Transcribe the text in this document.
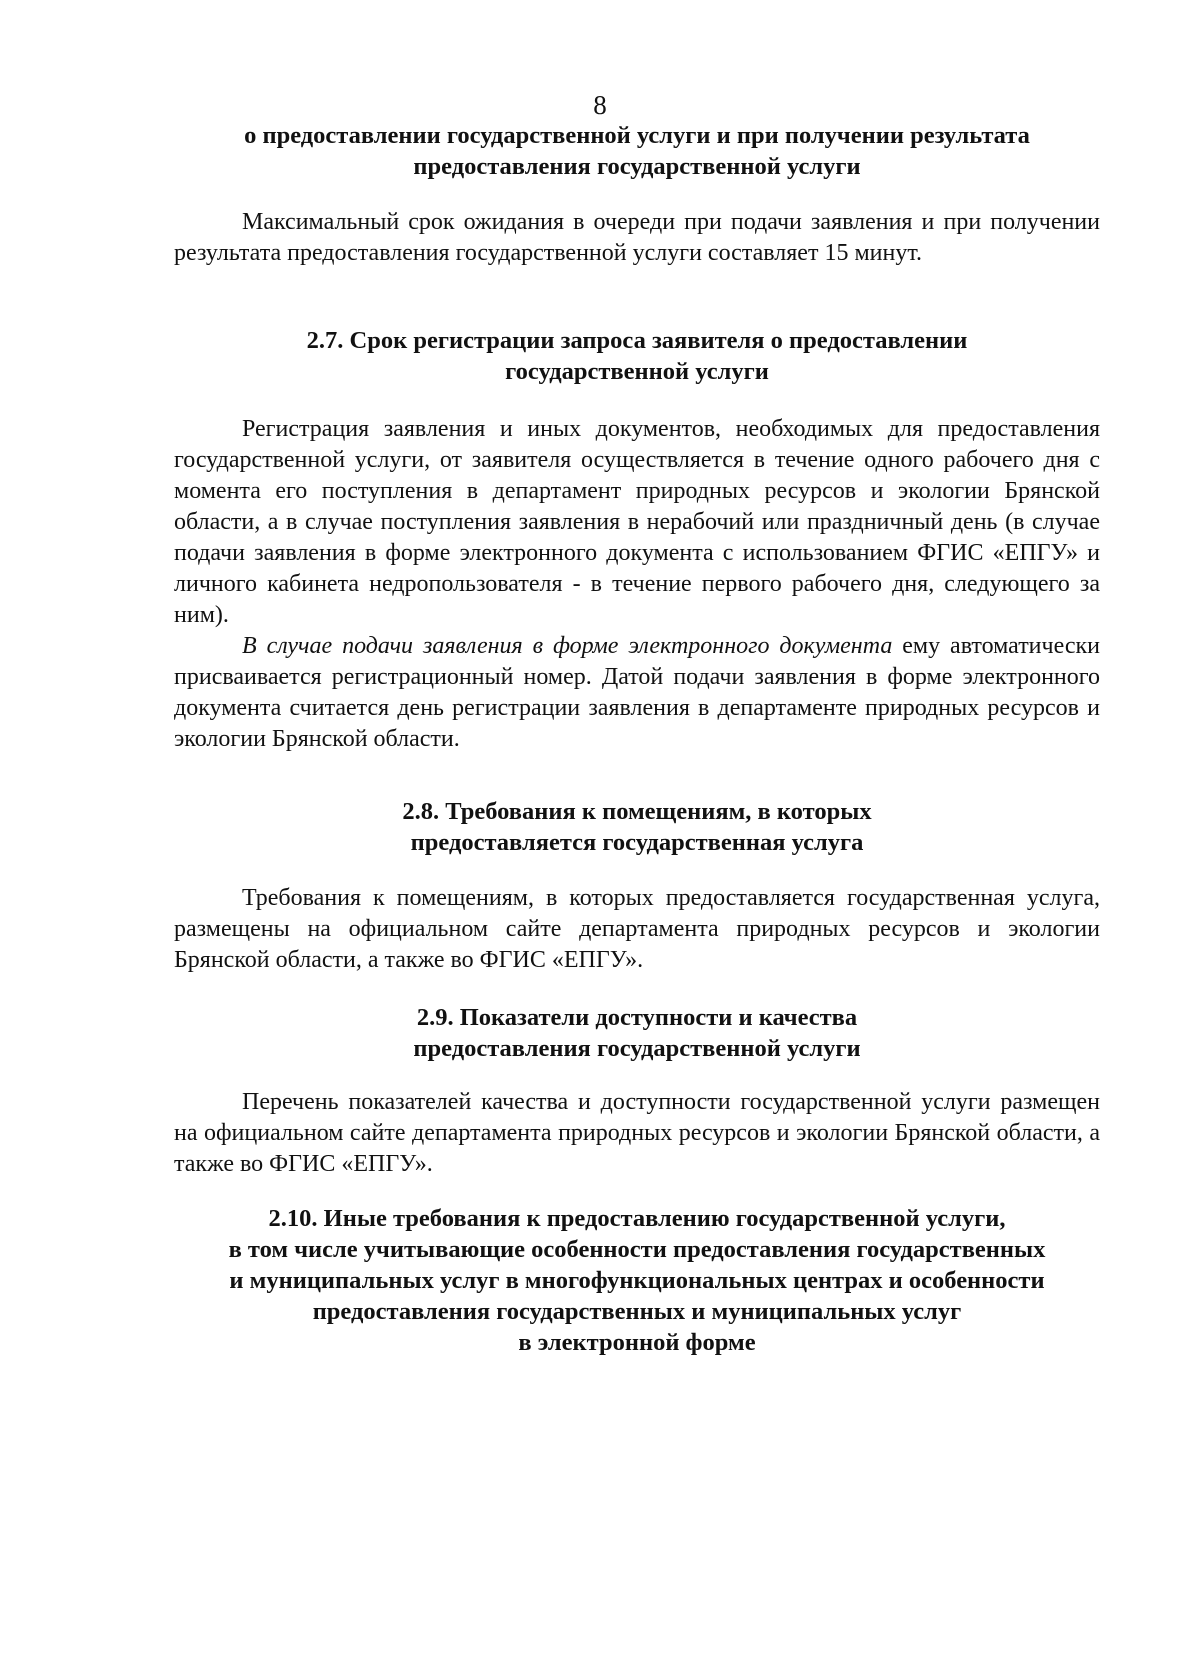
8
о предоставлении государственной услуги и при получении результата
предоставления государственной услуги

Максимальный срок ожидания в очереди при подачи заявления и при получении результата предоставления государственной услуги составляет 15 минут.

2.7. Срок регистрации запроса заявителя о предоставлении
государственной услуги

Регистрация заявления и иных документов, необходимых для предоставления государственной услуги, от заявителя осуществляется в течение одного рабочего дня с момента его поступления в департамент природных ресурсов и экологии Брянской области, а в случае поступления заявления в нерабочий или праздничный день (в случае подачи заявления в форме электронного документа с использованием ФГИС «ЕПГУ» и личного кабинета недропользователя - в течение первого рабочего дня, следующего за ним).

В случае подачи заявления в форме электронного документа ему автоматически присваивается регистрационный номер. Датой подачи заявления в форме электронного документа считается день регистрации заявления в департаменте природных ресурсов и экологии Брянской области.

2.8. Требования к помещениям, в которых
предоставляется государственная услуга

Требования к помещениям, в которых предоставляется государственная услуга, размещены на официальном сайте департамента природных ресурсов и экологии Брянской области, а также во ФГИС «ЕПГУ».

2.9. Показатели доступности и качества
предоставления государственной услуги

Перечень показателей качества и доступности государственной услуги размещен на официальном сайте департамента природных ресурсов и экологии Брянской области, а также во ФГИС «ЕПГУ».

2.10. Иные требования к предоставлению государственной услуги,
в том числе учитывающие особенности предоставления государственных
и муниципальных услуг в многофункциональных центрах и особенности
предоставления государственных и муниципальных услуг
в электронной форме
